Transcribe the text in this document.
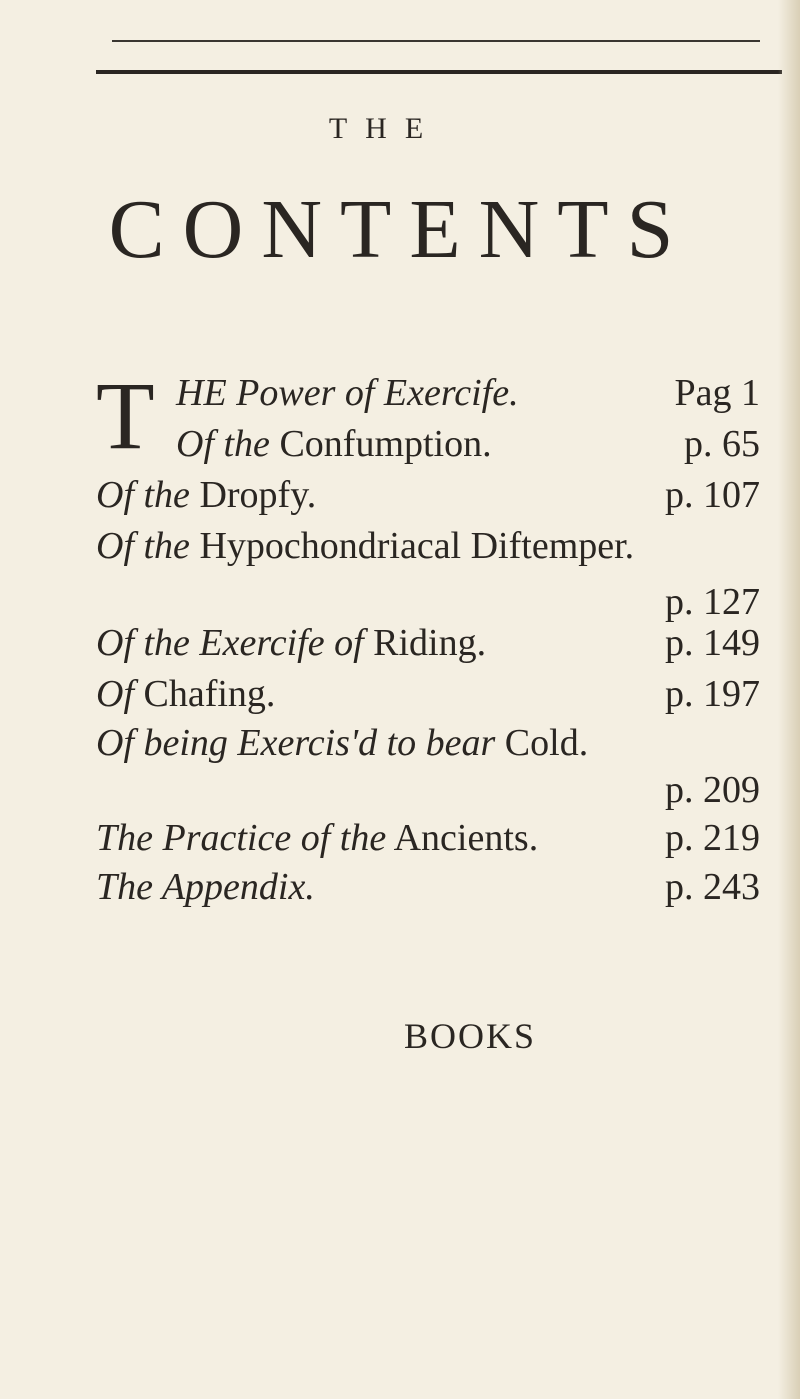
THE
CONTENTS
T HE Power of Exercife.	Pag 1
Of the Confumption.	p. 65
Of the Dropfy.	p. 107
Of the Hypochondriacal Diftemper.
p. 127
Of the Exercife of Riding.	p. 149
Of Chafing.	p. 197
Of being Exercis'd to bear Cold.
p. 209
The Practice of the Ancients.	p. 219
The Appendix.	p. 243
BOOKS
